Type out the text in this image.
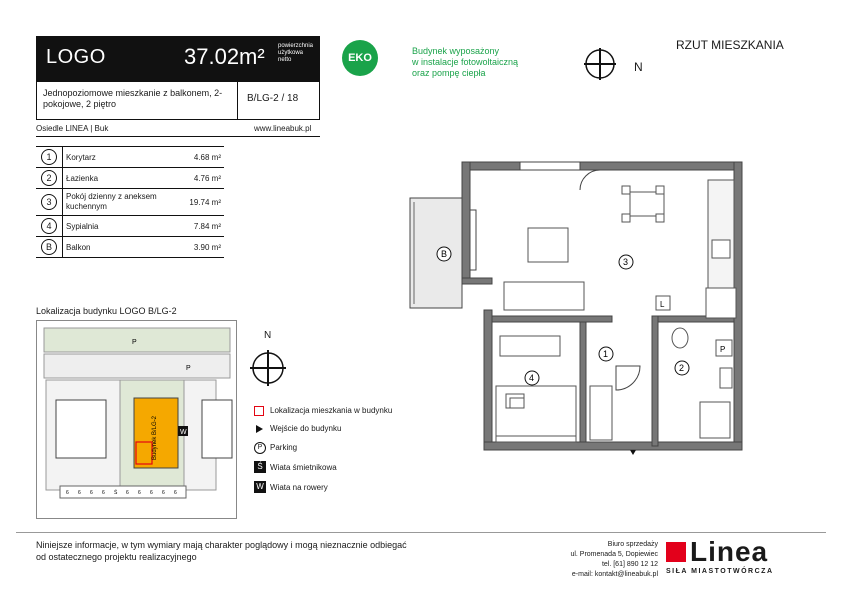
LOGO	37.02m² powierzchnia użytkowa netto
Jednopoziomowe mieszkanie z balkonem, 2-pokojowe, 2 piętro	B/LG-2 / 18
Osiedle LINEA | Buk	www.lineabuk.pl
EKO
Budynek wyposażony
w instalacje fotowoltaiczną
oraz pompę ciepła	N
RZUT MIESZKANIA
1	Korytarz	4.68 m²
2	Łazienka	4.76 m²
3	Pokój dzienny z aneksem kuchennym	19.74 m²
4	Sypialnia	7.84 m²
B	Balkon	3.90 m²
Lokalizacja budynku LOGO B/LG-2
P
P
Budynek B/LG-2	W
6 6 6 6 Ś 6 6 6 6 6
N
Lokalizacja mieszkania w budynku
Wejście do budynku
P Parking
Ś Wiata śmietnikowa
W Wiata na rowery
L
P
B
3
1
2
4
Niniejsze informacje, w tym wymiary mają charakter poglądowy i mogą nieznacznie odbiegać od ostatecznego projektu realizacyjnego
Biuro sprzedaży
ul. Promenada 5, Dopiewiec
tel. [61] 890 12 12
e-mail: kontakt@lineabuk.pl
Linea
SIŁA MIASTOTWÓRCZA
